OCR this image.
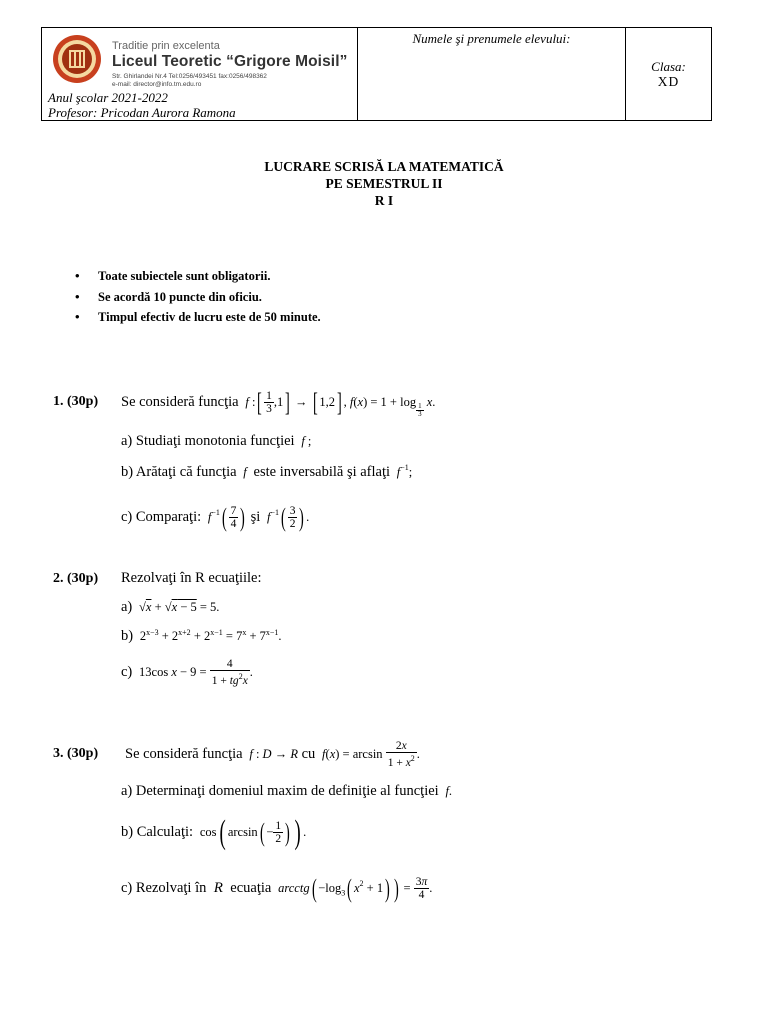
Traditie prin excelenta
Liceul Teoretic “Grigore Moisil”
Str. Ghirlandei Nr.4 Tel:0256/493451 fax:0256/498362
e-mail: director@info.tm.edu.ro
Anul şcolar 2021-2022
Profesor: Pricodan Aurora Ramona
Numele şi prenumele elevului:
Clasa:
XD
LUCRARE SCRISĂ LA MATEMATICĂ
PE SEMESTRUL II
R I
• Toate subiectele sunt obligatorii.
• Se acordă 10 puncte din oficiu.
• Timpul efectiv de lucru este de 50 minute.
1. (30p) Se consideră funcţia  f :[ $\frac{1}{3} ,1$] → [ 1,2] , f(x) = 1 + log
$_{\frac{1}{3}}$
x.
a) Studiaţi monotonia funcţiei  f ;
b) Arătaţi că funcţia  f  este inversabilă şi aflaţi  $f^{-1}$;
c) Comparaţi:  $f^{-1}( \frac{7}{4}$ ) şi  $f^{-1}( \frac{3}{2}$ ) .
2. (30p) Rezolvaţi în R ecuaţiile:
a)  √x + √x − 5 = 5.
b)  $2^{x-3} + 2^{x+2} + 2^{x-1} = 7^x + 7^{x-1}$.
c)  13cos $x - 9 = \frac{4}{1 + tg^2x}$ .
3. (30p) Se consideră funcţia  f : D → R cu  $f(x) = \arcsin \frac{2x}{1 + x^2}$ .
a) Determinaţi domeniul maxim de definiţie al funcţiei  f.
b) Calculaţi:  cos( $\arcsin( - \frac{1}{2}$ ) ) .
c) Rezolvaţi în  R  ecuaţia  arcctg( $-\log_3$( $x^2 + 1$) ) = $\frac{3\pi}{4}$ .
